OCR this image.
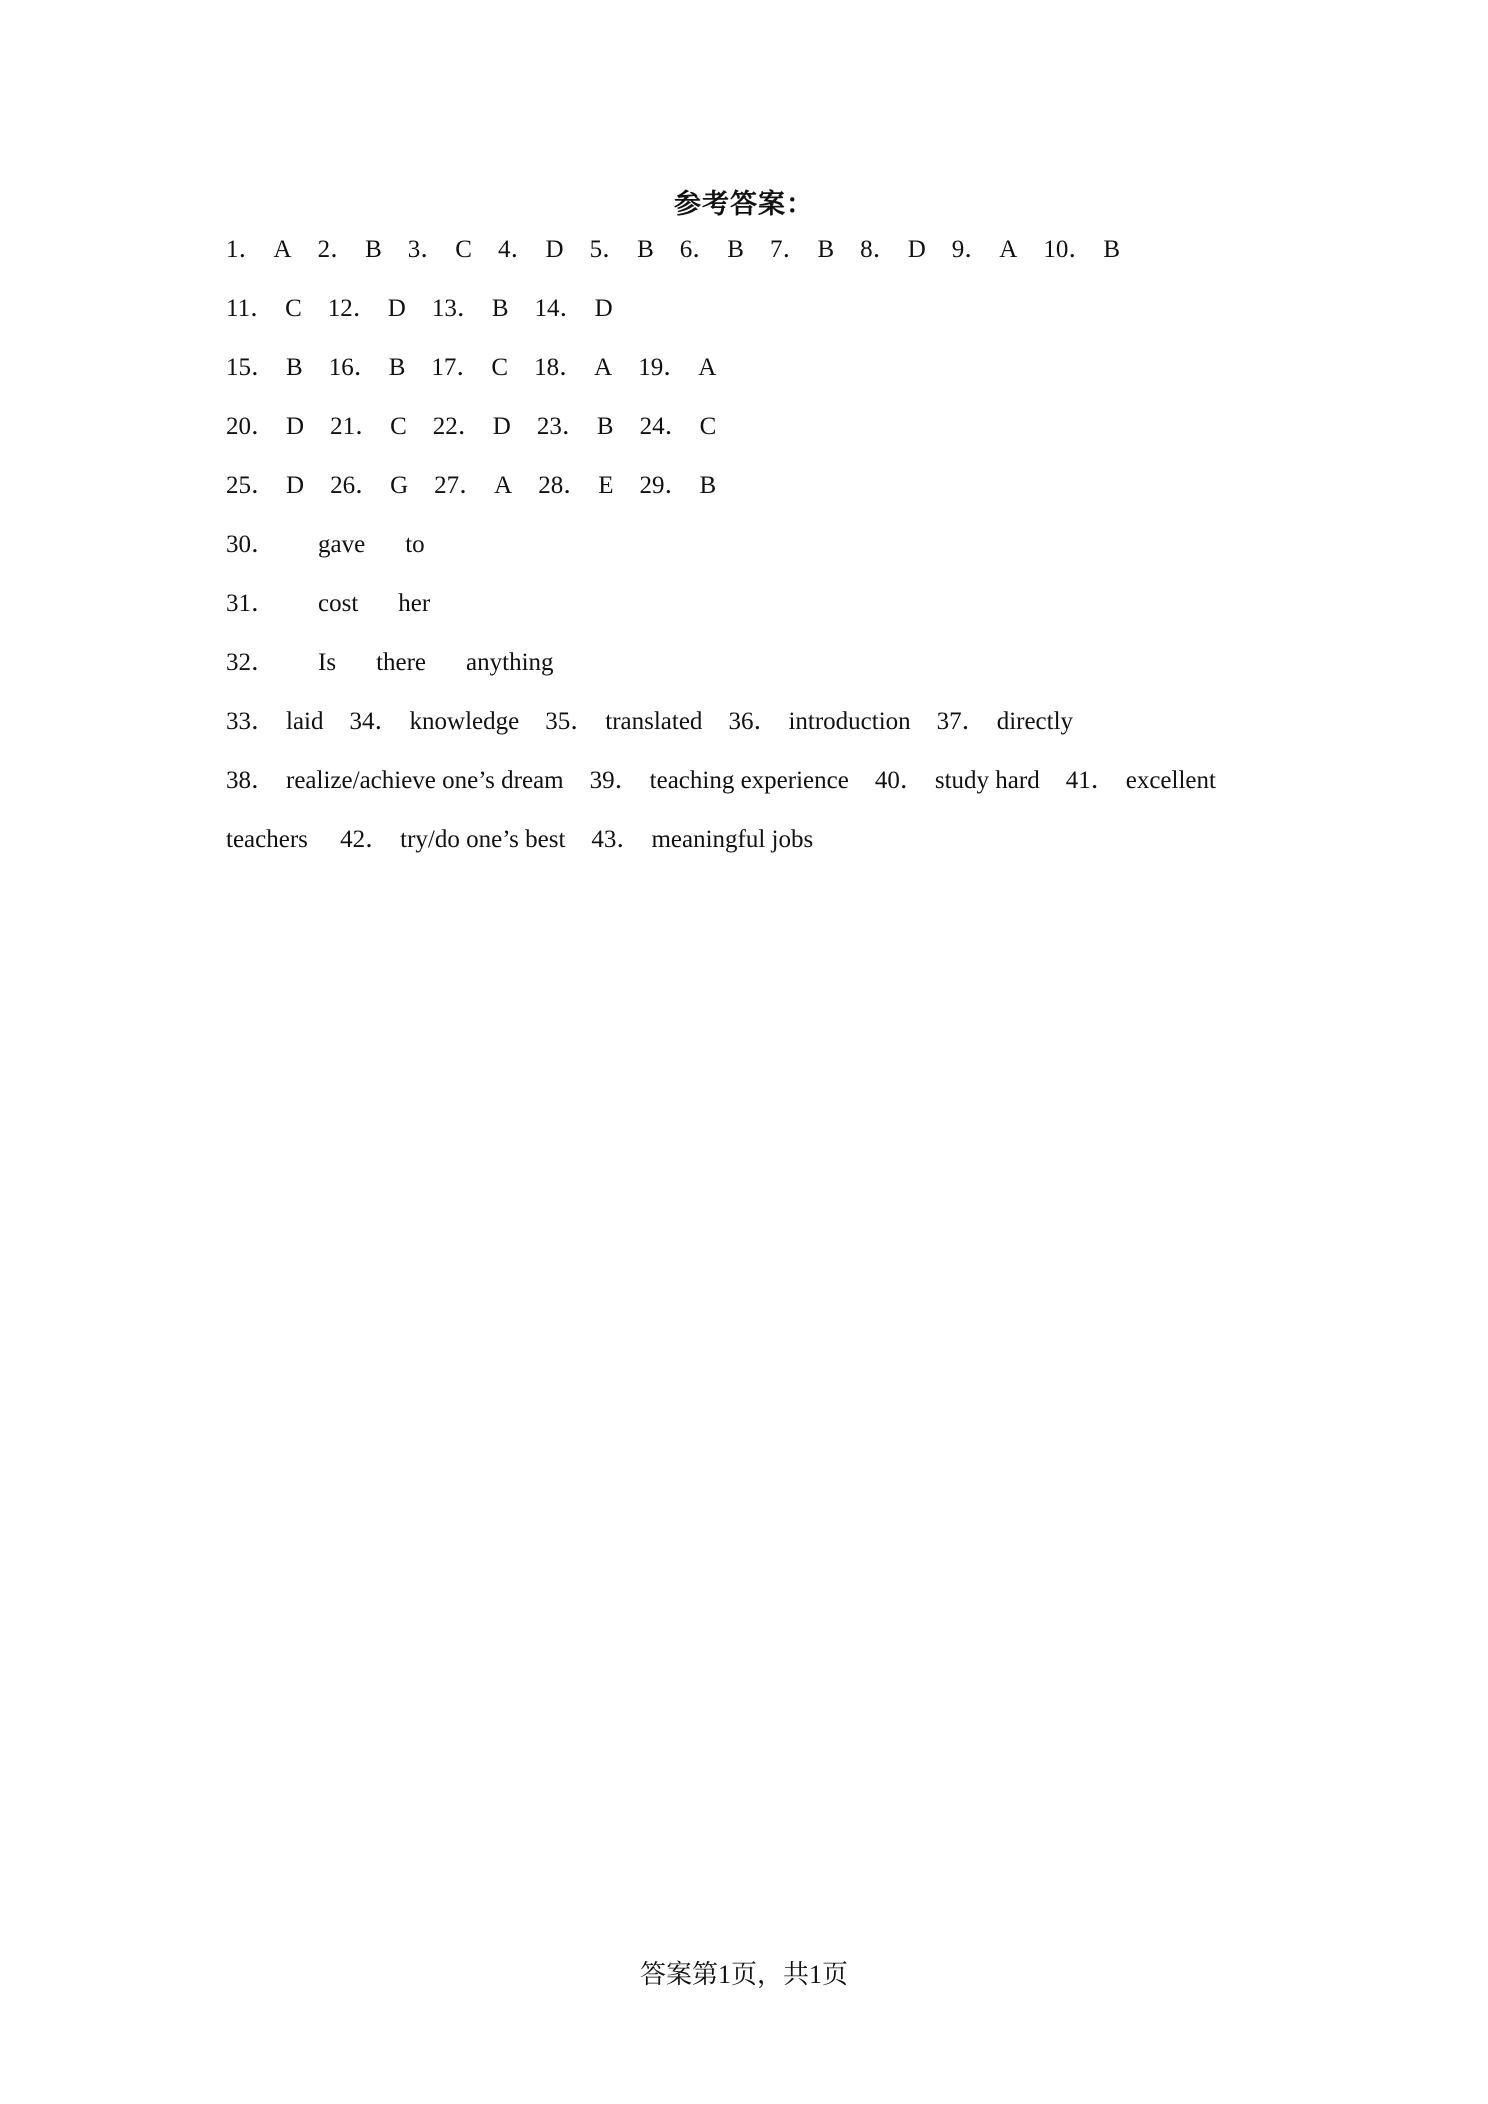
参考答案：
1． A 2． B 3． C 4． D 5． B 6． B 7． B 8． D 9． A 10． B
11． C 12． D 13． B 14． D
15． B 16． B 17． C 18． A 19． A
20． D 21． C 22． D 23． B 24． C
25． D 26． G 27． A 28． E 29． B
30． gave to
31． cost her
32． Is there anything
33． laid 34． knowledge 35． translated 36． introduction 37． directly
38． realize/achieve one’s dream 39． teaching experience 40． study hard 41． excellent
teachers 42． try/do one’s best 43． meaningful jobs
答案第1页，共1页
